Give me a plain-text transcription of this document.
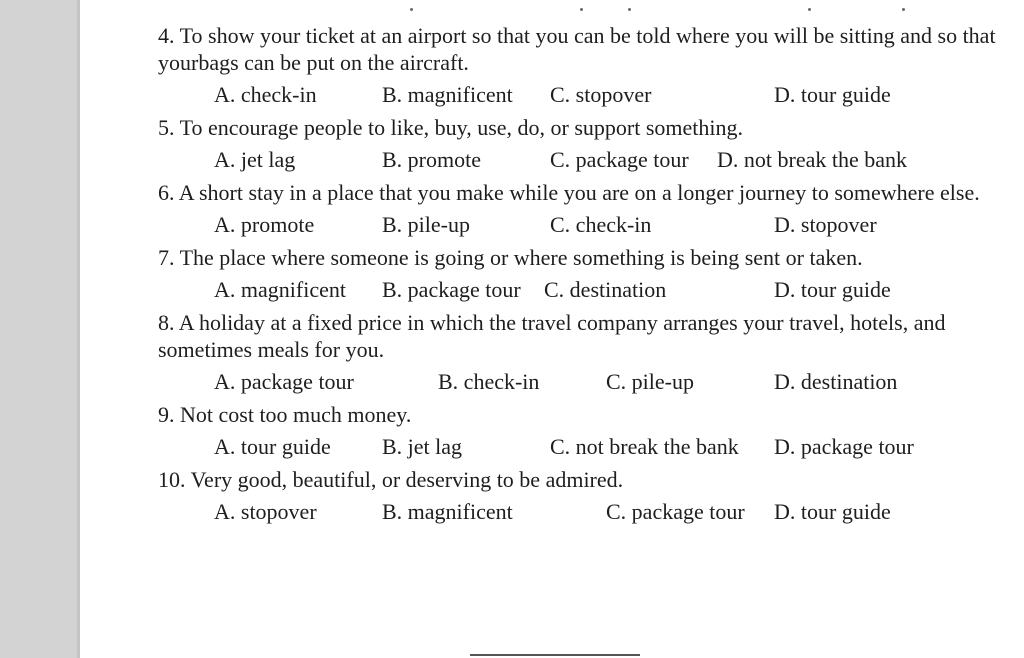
4. To show your ticket at an airport so that you can be told where you will be sitting and so that yourbags can be put on the aircraft.
A. check-in	B. magnificent C. stopover	D. tour guide
5. To encourage people to like, buy, use, do, or support something.
A. jet lag	B. promote	C. package tour D. not break the bank
6. A short stay in a place that you make while you are on a longer journey to somewhere else.
A. promote	B. pile-up	C. check-in	D. stopover
7. The place where someone is going or where something is being sent or taken.
A. magnificent B. package tour C. destination	D. tour guide
8. A holiday at a fixed price in which the travel company arranges your travel, hotels, and sometimes meals for you.
A. package tour	B. check-in	C. pile-up	D. destination
9. Not cost too much money.
A. tour guide B. jet lag	C. not break the bank D. package tour
10. Very good, beautiful, or deserving to be admired.
A. stopover	B. magnificent	C. package tour D. tour guide
